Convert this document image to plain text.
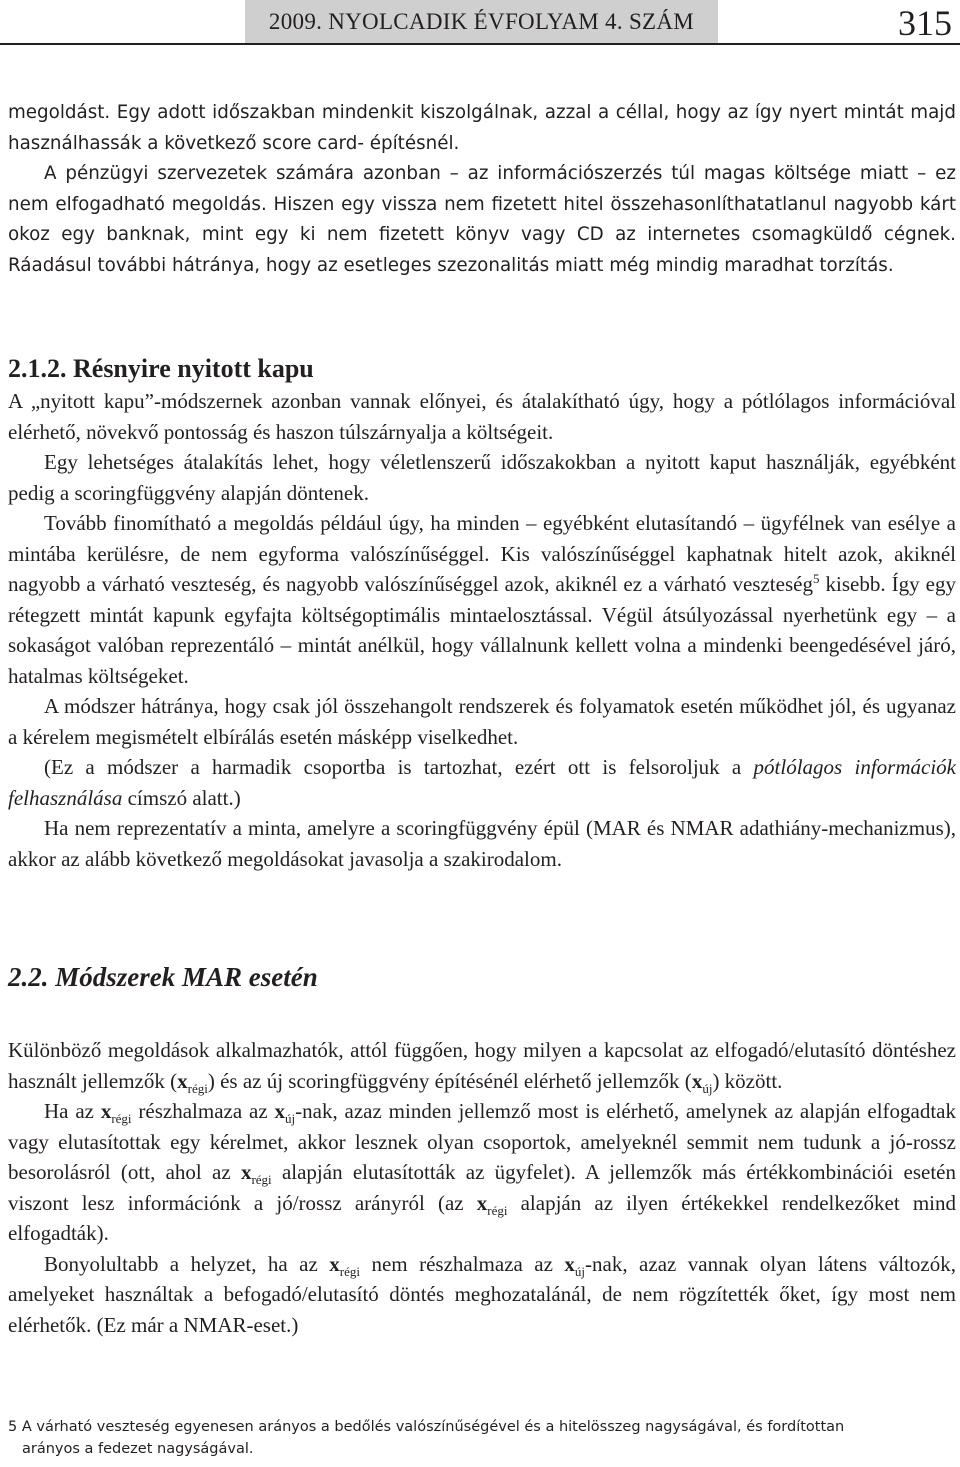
2009. NYOLCADIK ÉVFOLYAM 4. SZÁM	315

megoldást. Egy adott időszakban mindenkit kiszolgálnak, azzal a céllal, hogy az így nyert mintát majd használhassák a következő score card- építésnél.

A pénzügyi szervezetek számára azonban – az információszerzés túl magas költsége miatt – ez nem elfogadható megoldás. Hiszen egy vissza nem fizetett hitel összehasonlíthatatlanul nagyobb kárt okoz egy banknak, mint egy ki nem fizetett könyv vagy CD az internetes csomagküldő cégnek. Ráadásul további hátránya, hogy az esetleges szezonalitás miatt még mindig maradhat torzítás.

2.1.2. Résnyire nyitott kapu

A „nyitott kapu”-módszernek azonban vannak előnyei, és átalakítható úgy, hogy a pótlólagos információval elérhető, növekvő pontosság és haszon túlszárnyalja a költségeit.

Egy lehetséges átalakítás lehet, hogy véletlenszerű időszakokban a nyitott kaput használják, egyébként pedig a scoringfüggvény alapján döntenek.

Tovább finomítható a megoldás például úgy, ha minden – egyébként elutasítandó – ügyfélnek van esélye a mintába kerülésre, de nem egyforma valószínűséggel. Kis valószínűséggel kaphatnak hitelt azok, akiknél nagyobb a várható veszteség, és nagyobb valószínűséggel azok, akiknél ez a várható veszteség$^5$ kisebb. Így egy rétegzett mintát kapunk egyfajta költségoptimális mintaelosztással. Végül átsúlyozással nyerhetünk egy – a sokaságot valóban reprezentáló – mintát anélkül, hogy vállalnunk kellett volna a mindenki beengedésével járó, hatalmas költségeket.

A módszer hátránya, hogy csak jól összehangolt rendszerek és folyamatok esetén működhet jól, és ugyanaz a kérelem megismételt elbírálás esetén másképp viselkedhet.

(Ez a módszer a harmadik csoportba is tartozhat, ezért ott is felsoroljuk a pótlólagos információk felhasználása címszó alatt.)

Ha nem reprezentatív a minta, amelyre a scoringfüggvény épül (MAR és NMAR adathiány-mechanizmus), akkor az alább következő megoldásokat javasolja a szakirodalom.

2.2. Módszerek MAR esetén

Különböző megoldások alkalmazhatók, attól függően, hogy milyen a kapcsolat az elfogadó/elutasító döntéshez használt jellemzők $(x_{régi})$ és az új scoringfüggvény építésénél elérhető jellemzők $(x_{új})$ között.

Ha az $x_{régi}$ részhalmaza az $x_{új}$-nak, azaz minden jellemző most is elérhető, amelynek az alapján elfogadtak vagy elutasítottak egy kérelmet, akkor lesznek olyan csoportok, amelyeknél semmit nem tudunk a jó-rossz besorolásról (ott, ahol az $x_{régi}$ alapján elutasították az ügyfelet). A jellemzők más értékkombinációi esetén viszont lesz információnk a jó/rossz arányról (az $x_{régi}$ alapján az ilyen értékekkel rendelkezőket mind elfogadták).

Bonyolultabb a helyzet, ha az $x_{régi}$ nem részhalmaza az $x_{új}$-nak, azaz vannak olyan látens változók, amelyeket használtak a befogadó/elutasító döntés meghozatalánál, de nem rögzítették őket, így most nem elérhetők. (Ez már a NMAR-eset.)

5 A várható veszteség egyenesen arányos a bedőlés valószínűségével és a hitelösszeg nagyságával, és fordítottan
arányos a fedezet nagyságával.
